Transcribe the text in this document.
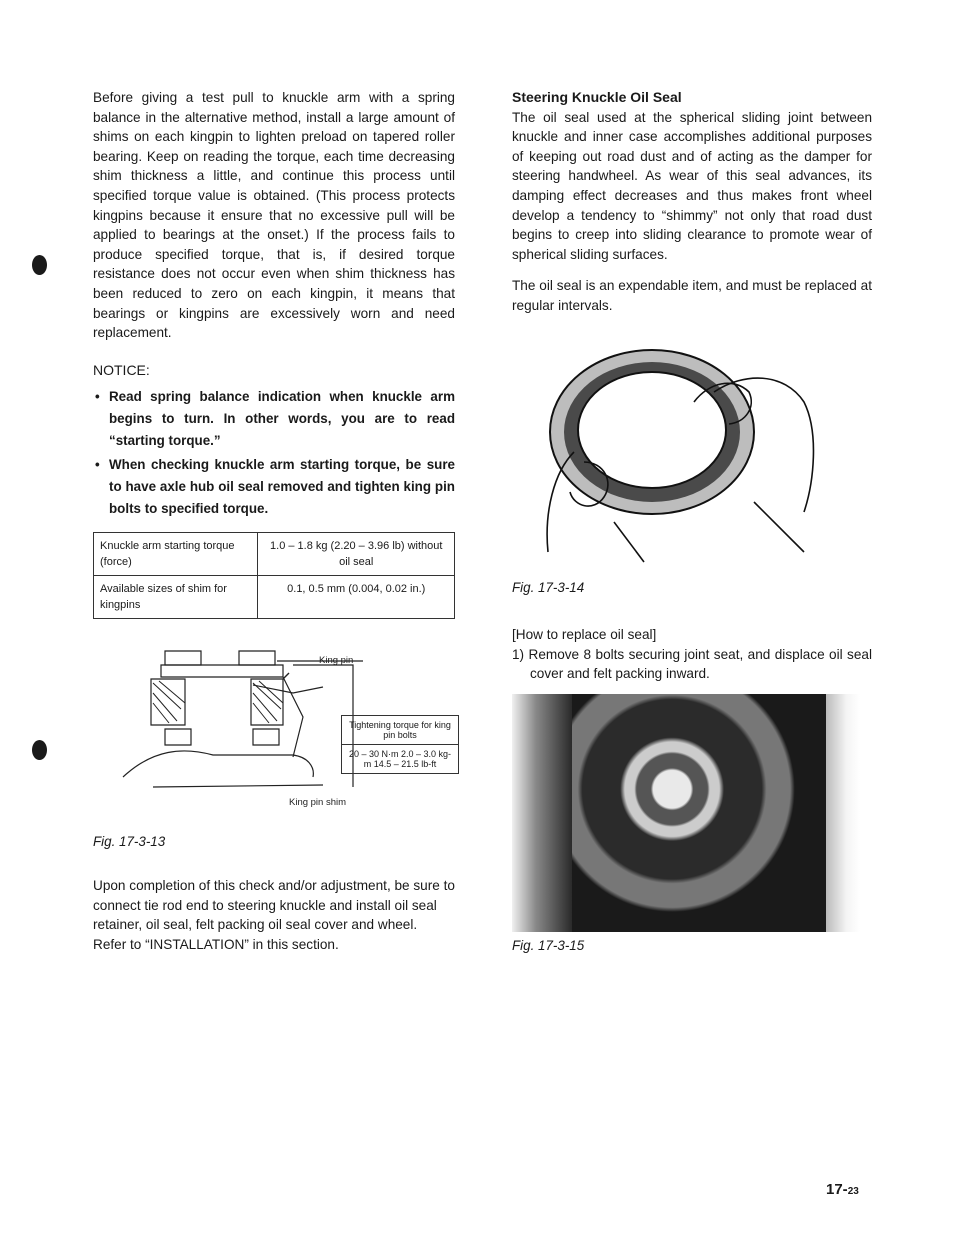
Before giving a test pull to knuckle arm with a spring balance in the alternative method, install a large amount of shims on each kingpin to lighten preload on tapered roller bearing. Keep on reading the torque, each time decreasing shim thickness a little, and continue this process until specified torque value is obtained. (This process protects kingpins because it ensure that no excessive pull will be applied to bearings at the onset.) If the process fails to produce specified torque, that is, if desired torque resistance does not occur even when shim thickness has been reduced to zero on each kingpin, it means that bearings or kingpins are excessively worn and need replacement.

NOTICE:
• Read spring balance indication when knuckle arm begins to turn. In other words, you are to read “starting torque.”
• When checking knuckle arm starting torque, be sure to have axle hub oil seal removed and tighten king pin bolts to specified torque.
Knuckle arm starting torque (force)	1.0 – 1.8 kg (2.20 – 3.96 lb) without oil seal
Available sizes of shim for kingpins	0.1, 0.5 mm (0.004, 0.02 in.)
King pin
Tightening torque for king pin bolts
20 – 30 N·m 2.0 – 3.0 kg-m 14.5 – 21.5 lb-ft
King pin shim
Fig. 17-3-13

Upon completion of this check and/or adjustment, be sure to connect tie rod end to steering knuckle and install oil seal retainer, oil seal, felt packing oil seal cover and wheel.

Refer to “INSTALLATION” in this section.

Steering Knuckle Oil Seal

The oil seal used at the spherical sliding joint between knuckle and inner case accomplishes additional purposes of keeping out road dust and of acting as the damper for steering handwheel. As wear of this seal advances, its damping effect decreases and thus makes front wheel develop a tendency to “shimmy” not only that road dust begins to creep into sliding clearance to promote wear of spherical sliding surfaces.

The oil seal is an expendable item, and must be replaced at regular intervals.

Fig. 17-3-14

[How to replace oil seal]

1) Remove 8 bolts securing joint seat, and displace oil seal cover and felt packing inward.

Fig. 17-3-15
17-23
